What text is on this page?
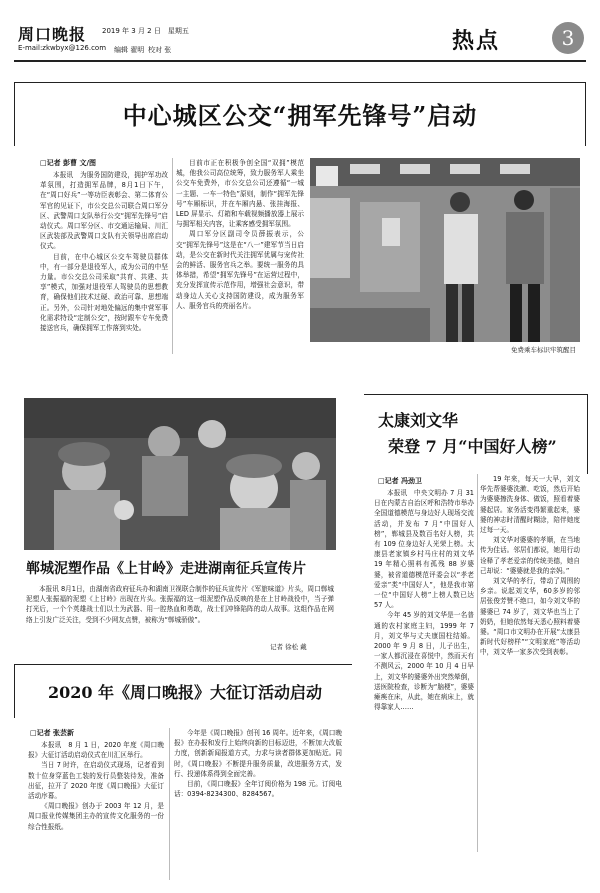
周口晚报
E-mail:zkwbyx@126.com
2019 年 3 月 2 日　星期五
编辑 翟明 校对 张	热点	3
中心城区公交“拥军先锋号”启动
□记者 彭曹 文/图

本报讯　为服务国防建设，拥护军功改革氛围，打造拥军品牌，8月1日下午，在“周口好兵”一等功臣表彰会、第二体育公军官的见证下，市公交总公司联合周口军分区、武警周口支队举行公交“拥军先锋号”启动仪式。周口军分区、市交通运输局、川汇区武装部及武警周口支队有关领导出席启动仪式。

目前，在中心城区公交车驾驶员群体中，有一部分是退役军人，成为公司的中坚力量。市公交总公司采取“共育、共建、共享”模式，加强对退役军人驾驶员的思想教育，确保他们技术过硬、政治可靠、思想端正。另外，公司针对地处偏远的集中营军事化需求特设“定制公交”，按时跟车专车免费接送官兵，确保拥军工作落到实处。

目前市正在积极争创全国“双拥”模范城，他我公司高位统筹，致力服务军人乘坐公交车免费外，市公交总公司还遵循“一城一主题、一车一特色”原则，制作“拥军先锋号”车厢标识，并在车厢内悬、张挂海报、LED 屏显示、灯箱和车载视频播放器上展示与拥军相关内容，让乘客感受拥军氛围。

周口军分区副司令员薛振表示，公交“拥军先锋号”这是在“八一”建军节当日启动，是公交在新时代关注拥军优属与宠传社会的鲜活、服务官兵之举。要统一服务的具体举措，希望“拥军先锋号”在运营过程中，充分发挥宣传示范作用，增强社会意识，带动身边人关心支持国防建设，成为服务军人、服务官兵的亮丽名片。

免费乘车标识牢筑醒目
郸城泥塑作品《上甘岭》走进湖南征兵宣传片

本报讯 8月1日，由湖南省政府征兵办和湖南卫视联合制作的征兵宣传片《军旅味道》片头，周口郸城泥塑人张振福的泥塑《上甘岭》出现在片头。张振福的这一组泥塑作品反映的是在上甘岭战役中，当子弹打光后，一个个英雄战士们以土为武器、用一腔热血和勇敢，战士们冲锋陷阵的动人故事。这组作品在网络上引发广泛关注，受到不少网友点赞，被称为“郸城骄傲”。

记者 徐松 戴
太康刘文华
荣登 7 月“中国好人榜”
□记者 冯劲卫

本报讯　中央文明办 7 月 31 日在内蒙古自治区呼和浩特市举办全国道德模范与身边好人现场交流活动，并发布 7 月“中国好人榜”，郸城县及数百名好人榜，共有 109 位身边好人光荣上榜。太康县老家镇乡村马庄村的刘文华 19 年精心照料有孤残 88 岁婆婆，被省道德模范评委会以“孝老爱亲”类“中国好人”，他是我市第一位“中国好人榜”上榜人数已达 57 人。

今年 45 岁的刘文华是一名普通的农村家庭主妇，1999 年 7 月，刘文华与丈夫康国柱结婚。2000 年 9 月 8 日，儿子出生，一家人都沉浸在喜悦中，然而天有不测风云，2000 年 10 月 4 日早上，刘文华的婆婆外出突然晕倒，送医院检查，诊断为“脑梗”，婆婆瘫痪在床，从此，她在病床上，就得靠家人……

19 年来，每天一大早，刘文华先帮婆婆洗漱、吃饭，然后开始为婆婆擦洗身体、做饭，照看着婆婆起居。家务活变得繁重起来，婆婆的神志时清醒时糊涂，陪伴她度过每一天。

刘文华对婆婆的孝顺，在当地传为佳话。邻居们都说，她用行动诠释了孝老爱亲的传统美德，她自己却说：“婆婆就是我的亲妈。”

刘文华的孝行，带动了周围的乡亲。说起刘文华，60多岁的邻居张俊芳赞不绝口，如今刘文华的婆婆已 74 岁了，刘文华也当上了奶奶，但她依然每天悉心照料着婆婆。“周口市文明办在开展“太康县新时代好榜样”“文明家庭”等活动中，刘文华一家多次受到表彰。

2020 年《周口晚报》大征订活动启动
□记者 张芸新

本报讯　8 月 1 日，2020 年度《周口晚报》大征订活动启动仪式在川汇区举行。

当日 7 时许，在启动仪式现场，记者看到数十位身穿蓝色工装的发行员整装待发，准备出征，拉开了 2020 年度《周口晚报》大征订活动序幕。

《周口晚报》创办于 2003 年 12 月，是周口报业传媒集团主办的宣传文化服务的一份综合性报纸。

今年是《周口晚报》创刊 16 周年。近年来，《周口晚报》在办报和发行上始终向新的目标迈进，不断加大改版力度，创新新闻报道方式，力求与读者群体更加贴近。同时，《周口晚报》不断提升服务质量，改进服务方式，发行、投递体系得到全面完善。

目前，《周口晚报》全年订阅价格为 198 元。订阅电话：0394-8234300、8284567。
